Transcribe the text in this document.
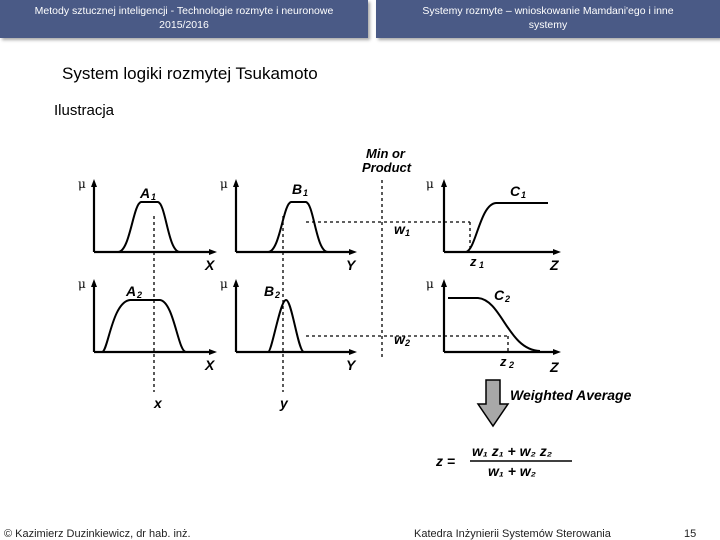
Metody sztucznej inteligencji - Technologie rozmyte i neuronowe
2015/2016
Systemy rozmyte – wnioskowanie Mamdani'ego i inne
systemy
System logiki rozmytej Tsukamoto
Ilustracja
Min or
Product
μ	μ	μ
μ	μ	μ
A 1	B 1	C 1
A 2	B 2	C 2
X	Y	Z
X	Y	Z
w 1
w 2
z 1
z 2
x	y	Weighted Average
z =
w₁ z₁ + w₂ z₂
w₁ + w₂
© Kazimierz Duzinkiewicz, dr hab. inż.	Katedra Inżynierii Systemów Sterowania	15
